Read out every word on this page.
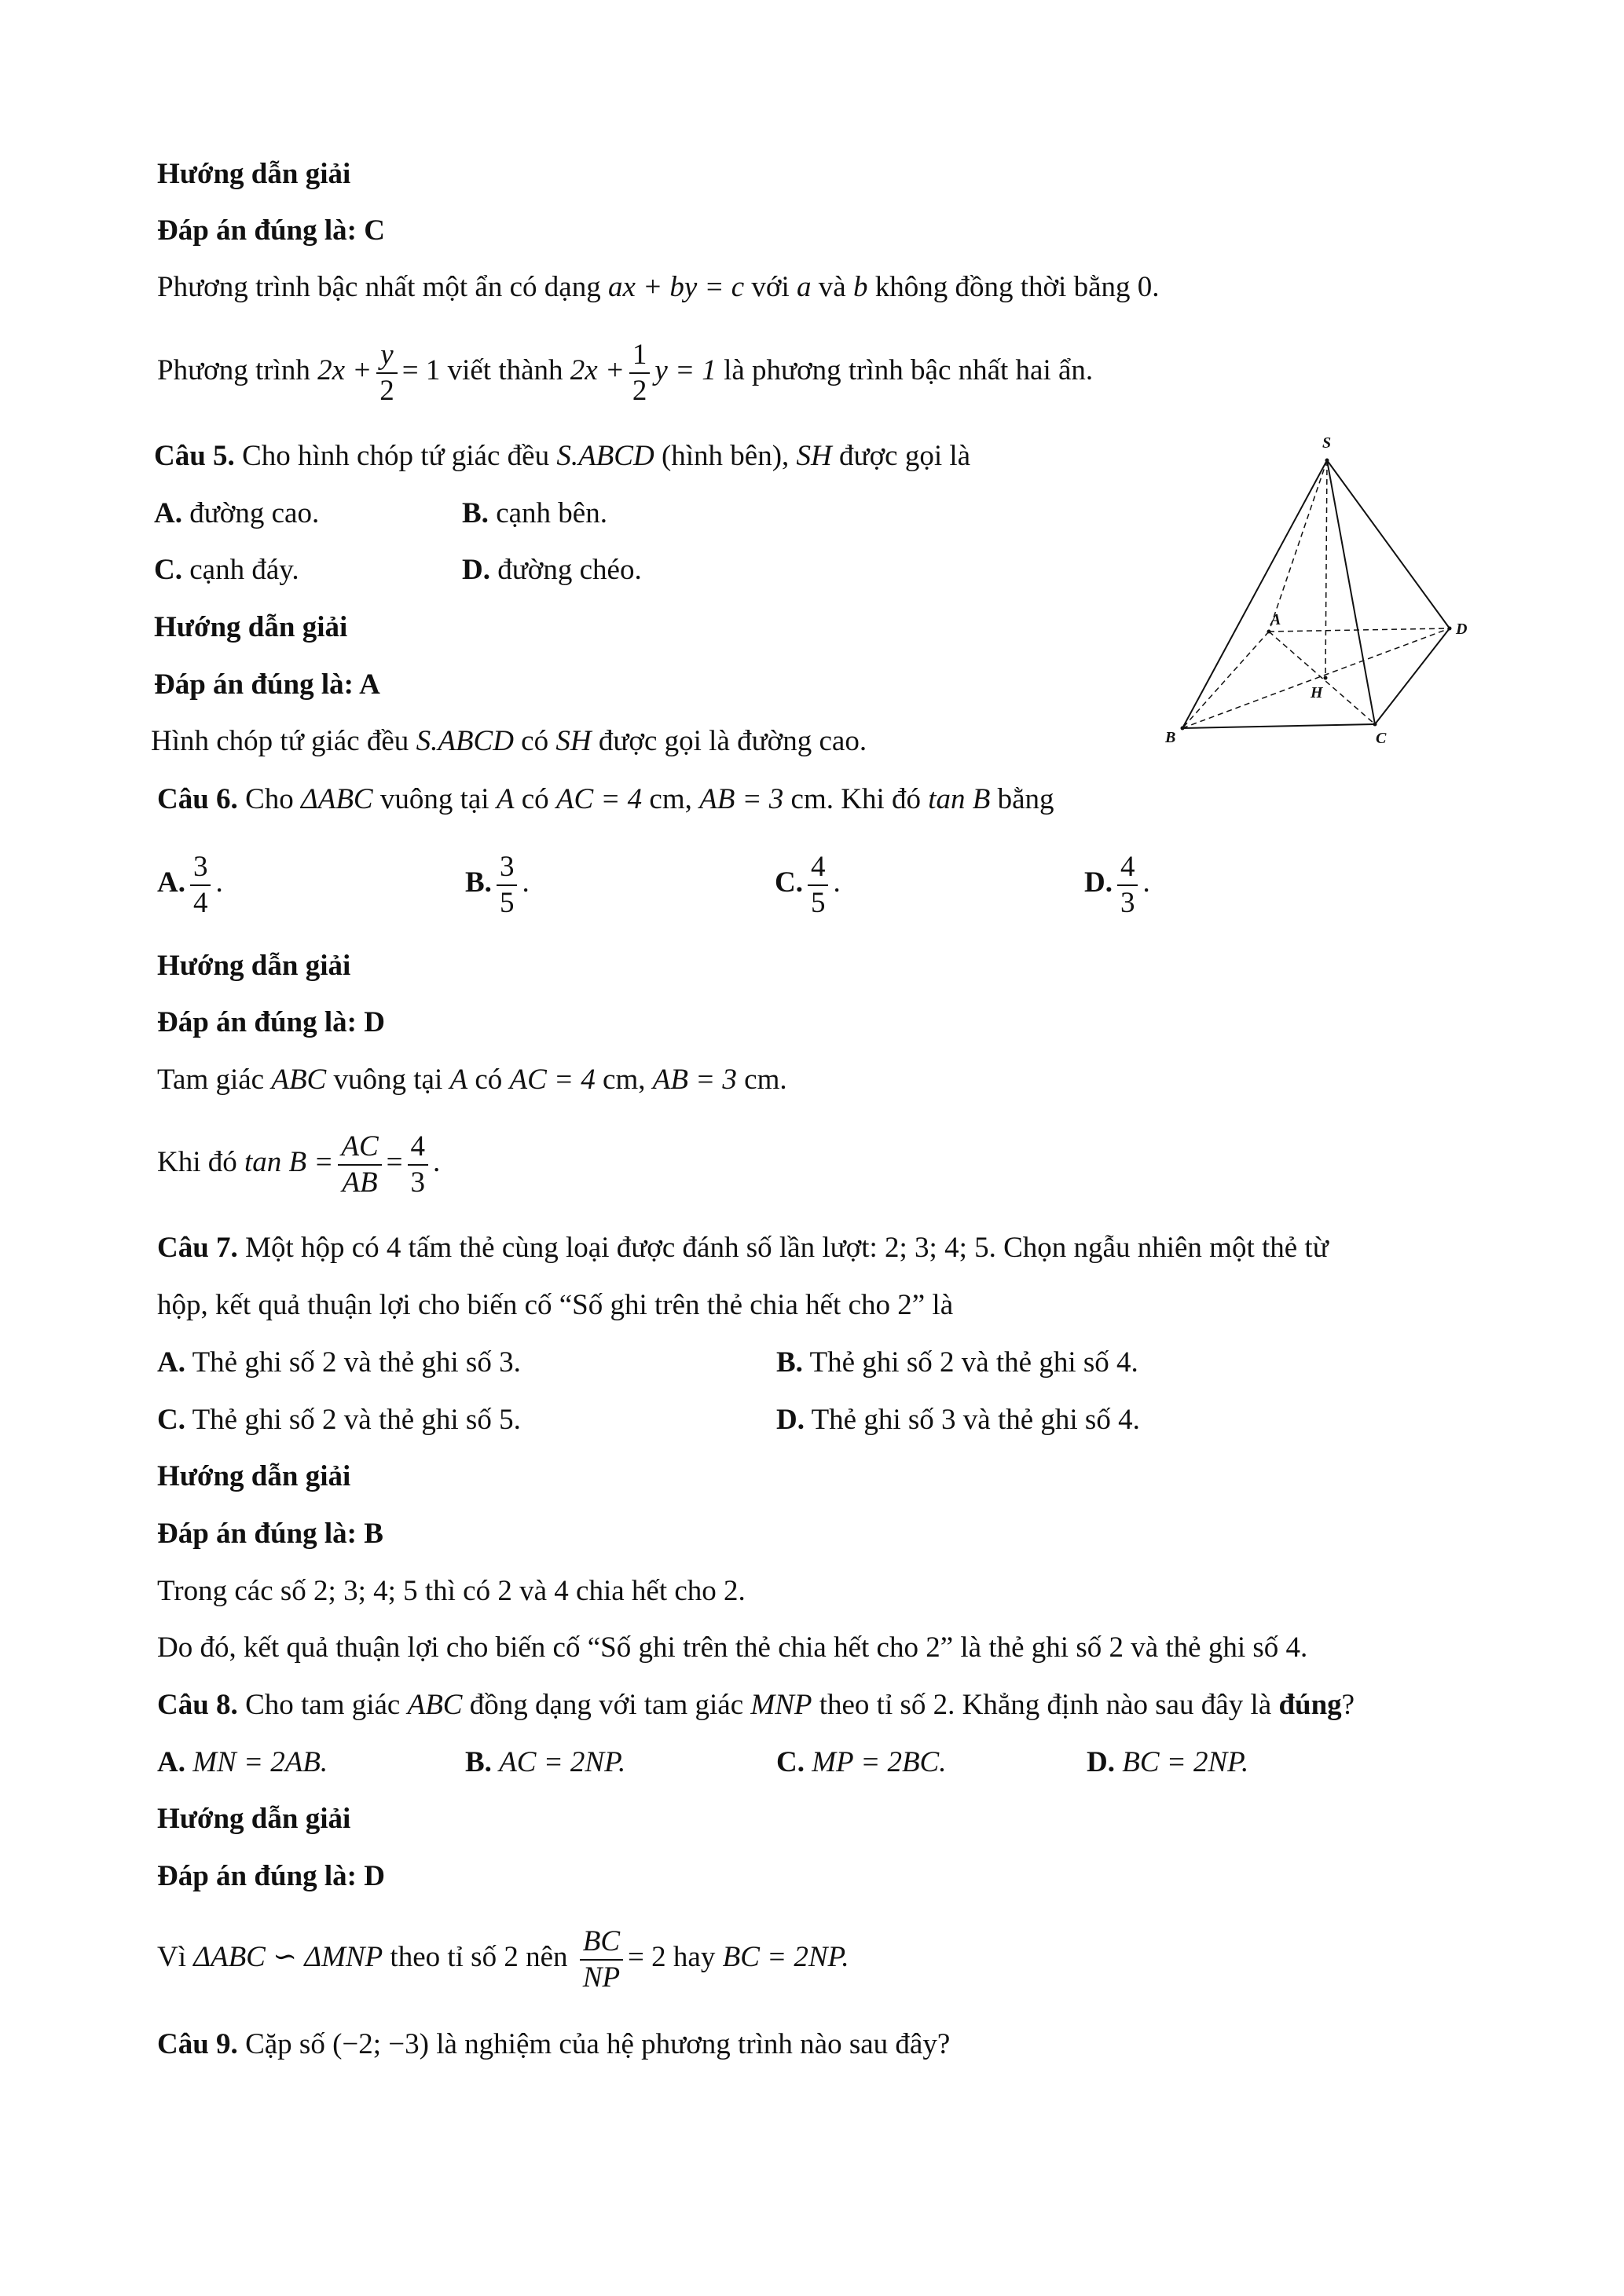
Hướng dẫn giải
Đáp án đúng là: C
Phương trình bậc nhất một ẩn có dạng ax + by = c với a và b không đồng thời bằng 0.
Phương trình $2x + \frac{y}{2} = 1$ viết thành $2x + \frac{1}{2}$ y = 1 là phương trình bậc nhất hai ẩn.
Câu 5. Cho hình chóp tứ giác đều S.ABCD (hình bên), SH được gọi là
A. đường cao.	B. cạnh bên.
C. cạnh đáy.	D. đường chéo.
Hướng dẫn giải
Đáp án đúng là: A
Hình chóp tứ giác đều S.ABCD có SH được gọi là đường cao.
S
A
B	C
D
H
Câu 6. Cho ΔABC vuông tại A có AC = 4 cm, AB = 3 cm. Khi đó tan B bằng
A. $\frac{3}{4}$ .	B. $\frac{3}{5}$ .	C. $\frac{4}{5}$ .	D. $\frac{4}{3}$ .
Hướng dẫn giải
Đáp án đúng là: D
Tam giác ABC vuông tại A có AC = 4 cm, AB = 3 cm.
Khi đó $\tan B = \frac{AC}{AB} = \frac{4}{3}$ .
Câu 7. Một hộp có 4 tấm thẻ cùng loại được đánh số lần lượt: 2; 3; 4; 5. Chọn ngẫu nhiên một thẻ từ
hộp, kết quả thuận lợi cho biến cố “Số ghi trên thẻ chia hết cho 2” là
A. Thẻ ghi số 2 và thẻ ghi số 3.	B. Thẻ ghi số 2 và thẻ ghi số 4.
C. Thẻ ghi số 2 và thẻ ghi số 5.	D. Thẻ ghi số 3 và thẻ ghi số 4.
Hướng dẫn giải
Đáp án đúng là: B
Trong các số 2; 3; 4; 5 thì có 2 và 4 chia hết cho 2.
Do đó, kết quả thuận lợi cho biến cố “Số ghi trên thẻ chia hết cho 2” là thẻ ghi số 2 và thẻ ghi số 4.
Câu 8. Cho tam giác ABC đồng dạng với tam giác MNP theo tỉ số 2. Khẳng định nào sau đây là đúng?
A. MN = 2AB.	B. AC = 2NP.	C. MP = 2BC.	D. BC = 2NP.
Hướng dẫn giải
Đáp án đúng là: D
Vì ΔABC ∽ ΔMNP theo tỉ số 2 nên $\frac{BC}{NP} = 2$ hay BC = 2NP.
Câu 9. Cặp số (−2; −3) là nghiệm của hệ phương trình nào sau đây?
